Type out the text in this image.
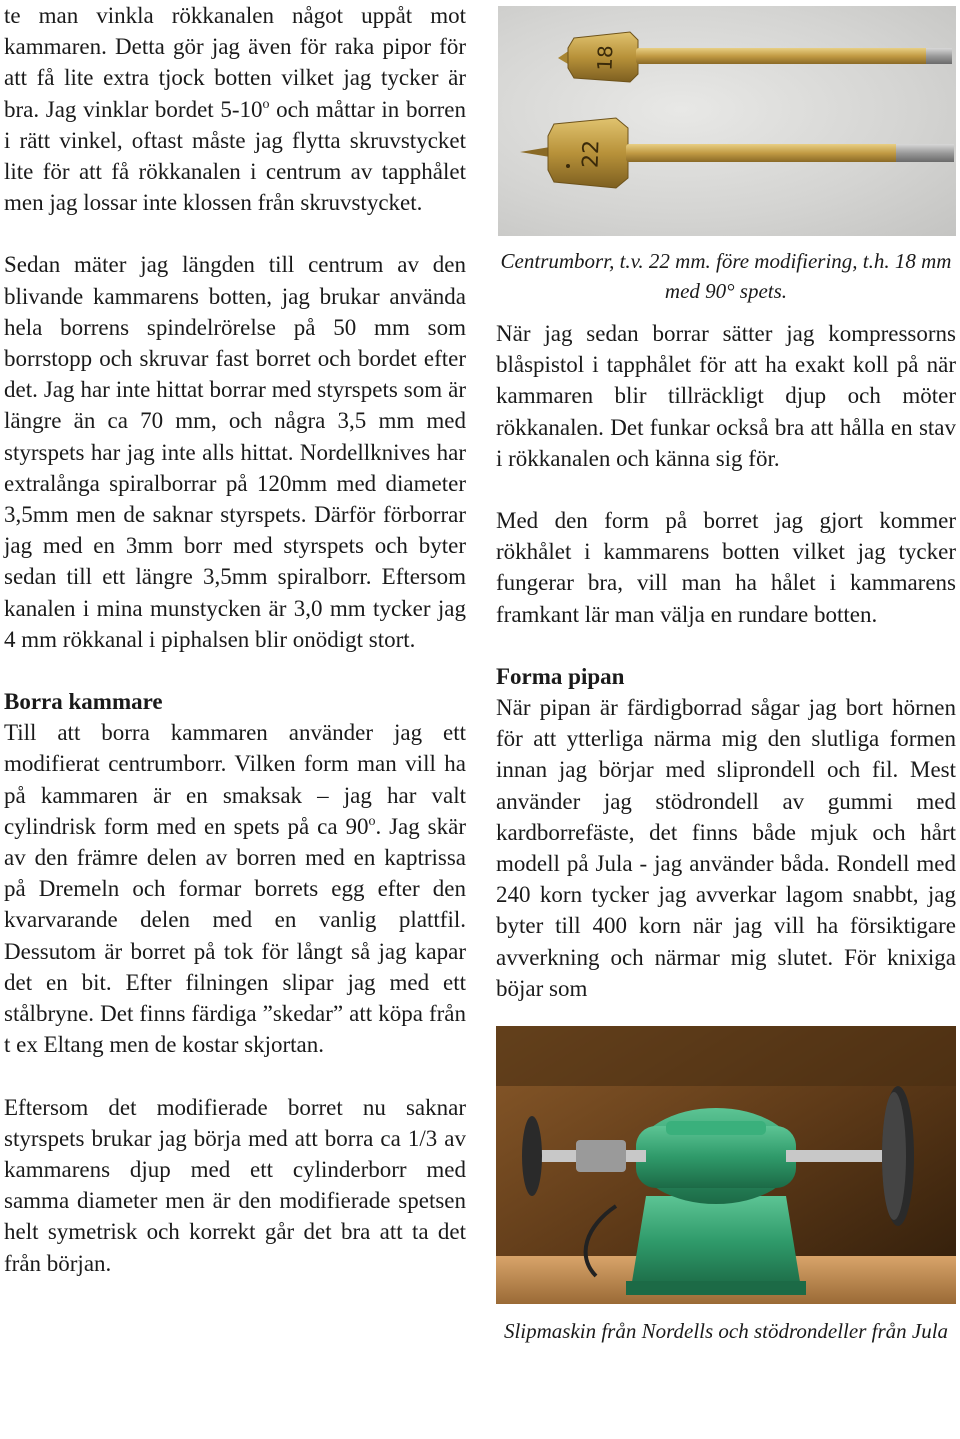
te man vinkla rökkanalen något uppåt mot kammaren. Detta gör jag även för raka pipor för att få lite extra tjock botten vilket jag tycker är bra. Jag vinklar bordet 5-10$^o$ och måttar in borren i rätt vinkel, oftast måste jag flytta skruvstycket lite för att få rökkanalen i centrum av tapphålet men jag lossar inte klossen från skruvstycket.

Sedan mäter jag längden till centrum av den blivande kammarens botten, jag brukar använda hela borrens spindelrörelse på 50 mm som borrstopp och skruvar fast borret och bordet efter det. Jag har inte hittat borrar med styrspets som är längre än ca 70 mm, och några 3,5 mm med styrspets har jag inte alls hittat. Nordellknives har extralånga spiralborrar på 120mm med diameter 3,5mm men de saknar styrspets. Därför förborrar jag med en 3mm borr med styrspets och byter sedan till ett längre 3,5mm spiralborr. Eftersom kanalen i mina munstycken är 3,0 mm tycker jag 4 mm rökkanal i piphalsen blir onödigt stort.

Borra kammare

Till att borra kammaren använder jag ett modifierat centrumborr. Vilken form man vill ha på kammaren är en smaksak – jag har valt cylindrisk form med en spets på ca 90$^o$. Jag skär av den främre delen av borren med en kaptrissa på Dremeln och formar borrets egg efter den kvarvarande delen med en vanlig plattfil. Dessutom är borret på tok för långt så jag kapar det en bit. Efter filningen slipar jag med ett stålbryne. Det finns färdiga ”skedar” att köpa från t ex Eltang men de kostar skjortan.

Eftersom det modifierade borret nu saknar styrspets brukar jag börja med att borra ca 1/3 av kammarens djup med ett cylinderborr med samma diameter men är den modifierade spetsen helt symetrisk och korrekt går det bra att ta det från början.

18
22

Centrumborr, t.v. 22 mm. före modifiering, t.h. 18 mm med 90° spets.

När jag sedan borrar sätter jag kompressorns blåspistol i tapphålet för att ha exakt koll på när kammaren blir tillräckligt djup och möter rökkanalen. Det funkar också bra att hålla en stav i rökkanalen och känna sig för.

Med den form på borret jag gjort kommer rökhålet i kammarens botten vilket jag tycker fungerar bra, vill man ha hålet i kammarens framkant lär man välja en rundare botten.

Forma pipan

När pipan är färdigborrad sågar jag bort hörnen för att ytterliga närma mig den slutliga formen innan jag börjar med sliprondell och fil. Mest använder jag stödrondell av gummi med kardborrefäste, det finns både mjuk och hårt modell på Jula - jag använder båda. Rondell med 240 korn tycker jag avverkar lagom snabbt, jag byter till 400 korn när jag vill ha försiktigare avverkning och närmar mig slutet. För knixiga böjar som

Slipmaskin från Nordells och stödrondeller från Jula
